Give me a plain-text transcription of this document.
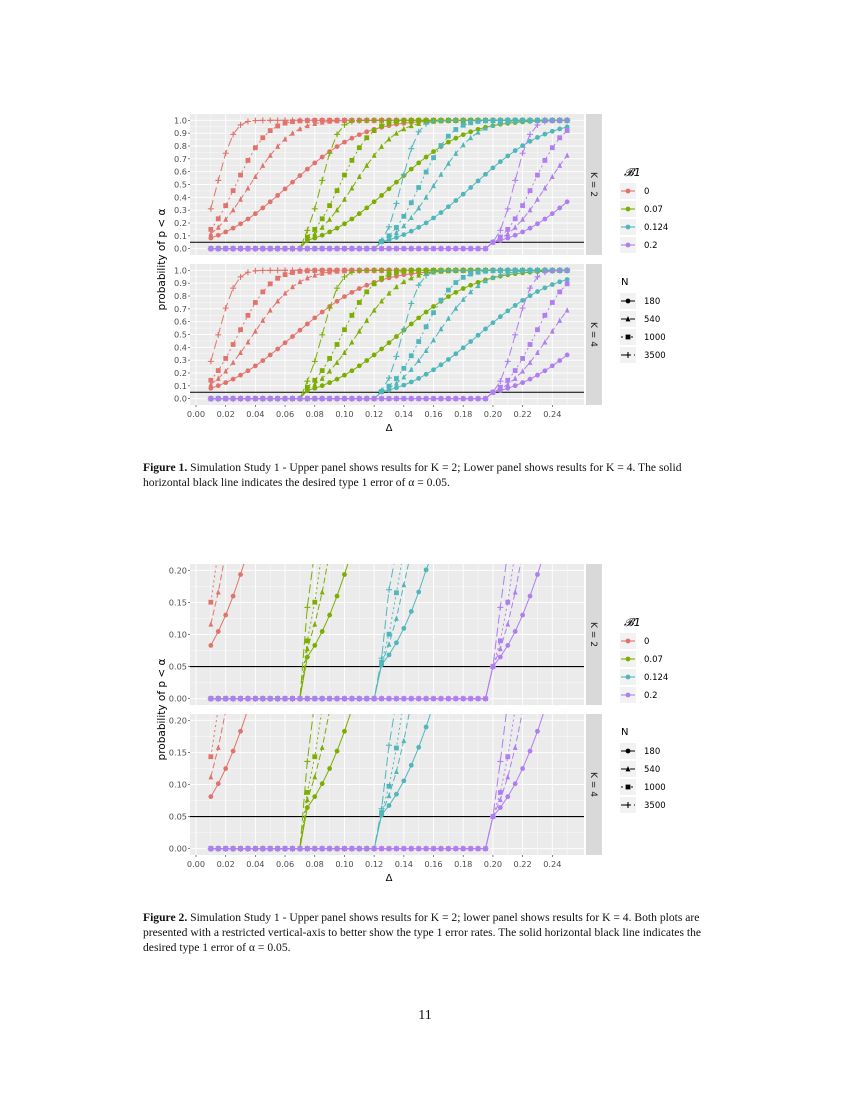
K = 2
0.0
0.1
0.2
0.3
0.4
0.5
0.6
0.7
0.8
0.9
1.0
K = 4
0.0
0.1
0.2
0.3
0.4
0.5
0.6
0.7
0.8
0.9
1.0
0.00 0.02 0.04 0.06 0.08 0.10 0.12 0.14 0.16 0.18 0.20 0.22 0.24
Δ
probability of p < α
𝓑1
0
0.07
0.124
0.2
N
180
540
1000
3500
Figure 1. Simulation Study 1 - Upper panel shows results for K = 2; Lower panel shows results for K = 4. The solid horizontal black line indicates the desired type 1 error of α = 0.05.
K = 2
0.00
0.05
0.10
0.15
0.20
K = 4
0.00
0.05
0.10
0.15
0.20
0.00 0.02 0.04 0.06 0.08 0.10 0.12 0.14 0.16 0.18 0.20 0.22 0.24
Δ
probability of p < α
𝓑1
0
0.07
0.124
0.2
N
180
540
1000
3500
Figure 2. Simulation Study 1 - Upper panel shows results for K = 2; lower panel shows results for K = 4. Both plots are presented with a restricted vertical-axis to better show the type 1 error rates. The solid horizontal black line indicates the desired type 1 error of α = 0.05.
11
